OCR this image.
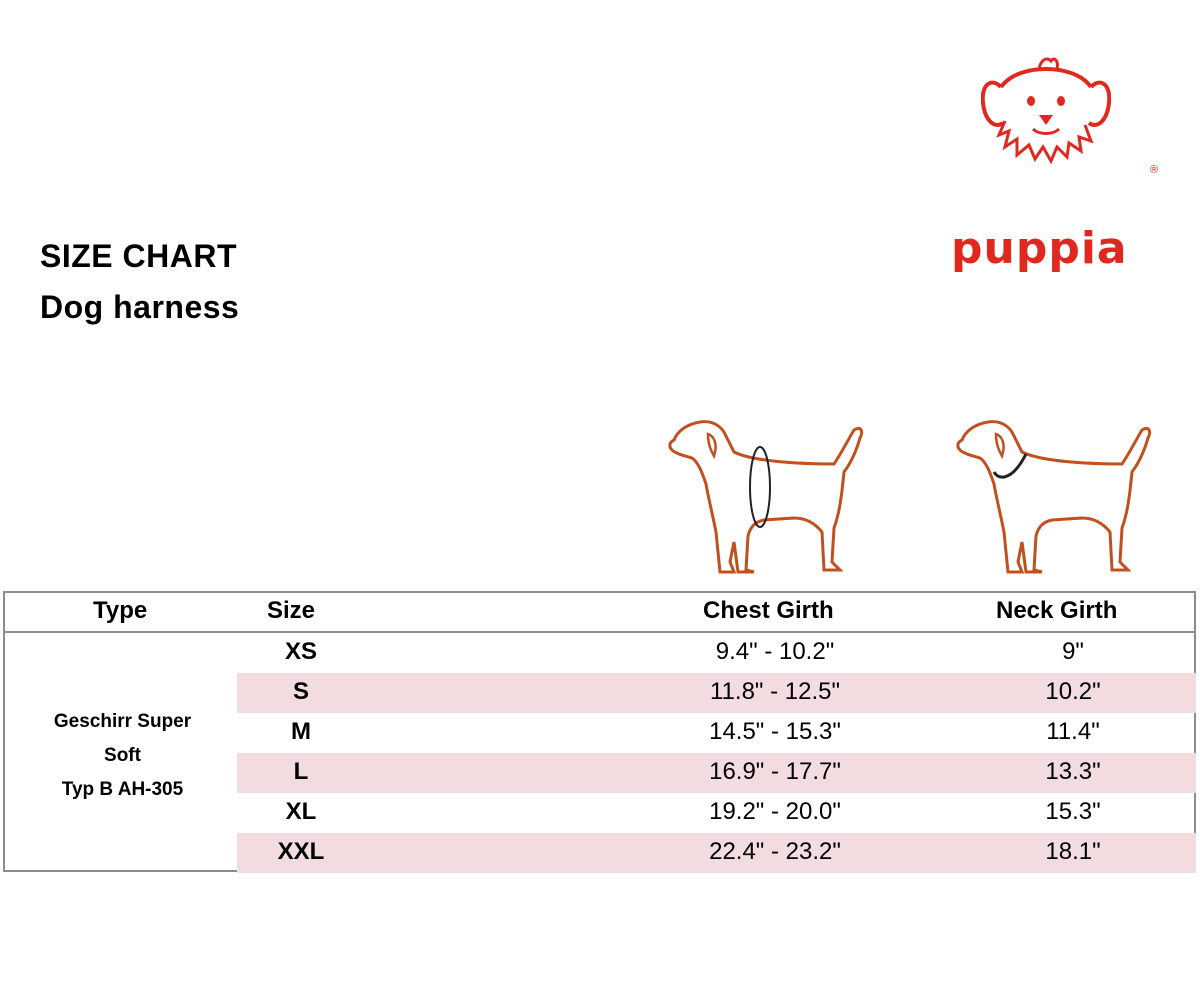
puppia
®
SIZE CHART
Dog harness
Type	Size	Chest Girth	Neck Girth
Geschirr Super
Soft
Typ B AH-305
XS	9.4" - 10.2"	9"
S	11.8" - 12.5"	10.2"
M	14.5" - 15.3"	11.4"
L	16.9" - 17.7"	13.3"
XL	19.2" - 20.0"	15.3"
XXL	22.4" - 23.2"	18.1"
